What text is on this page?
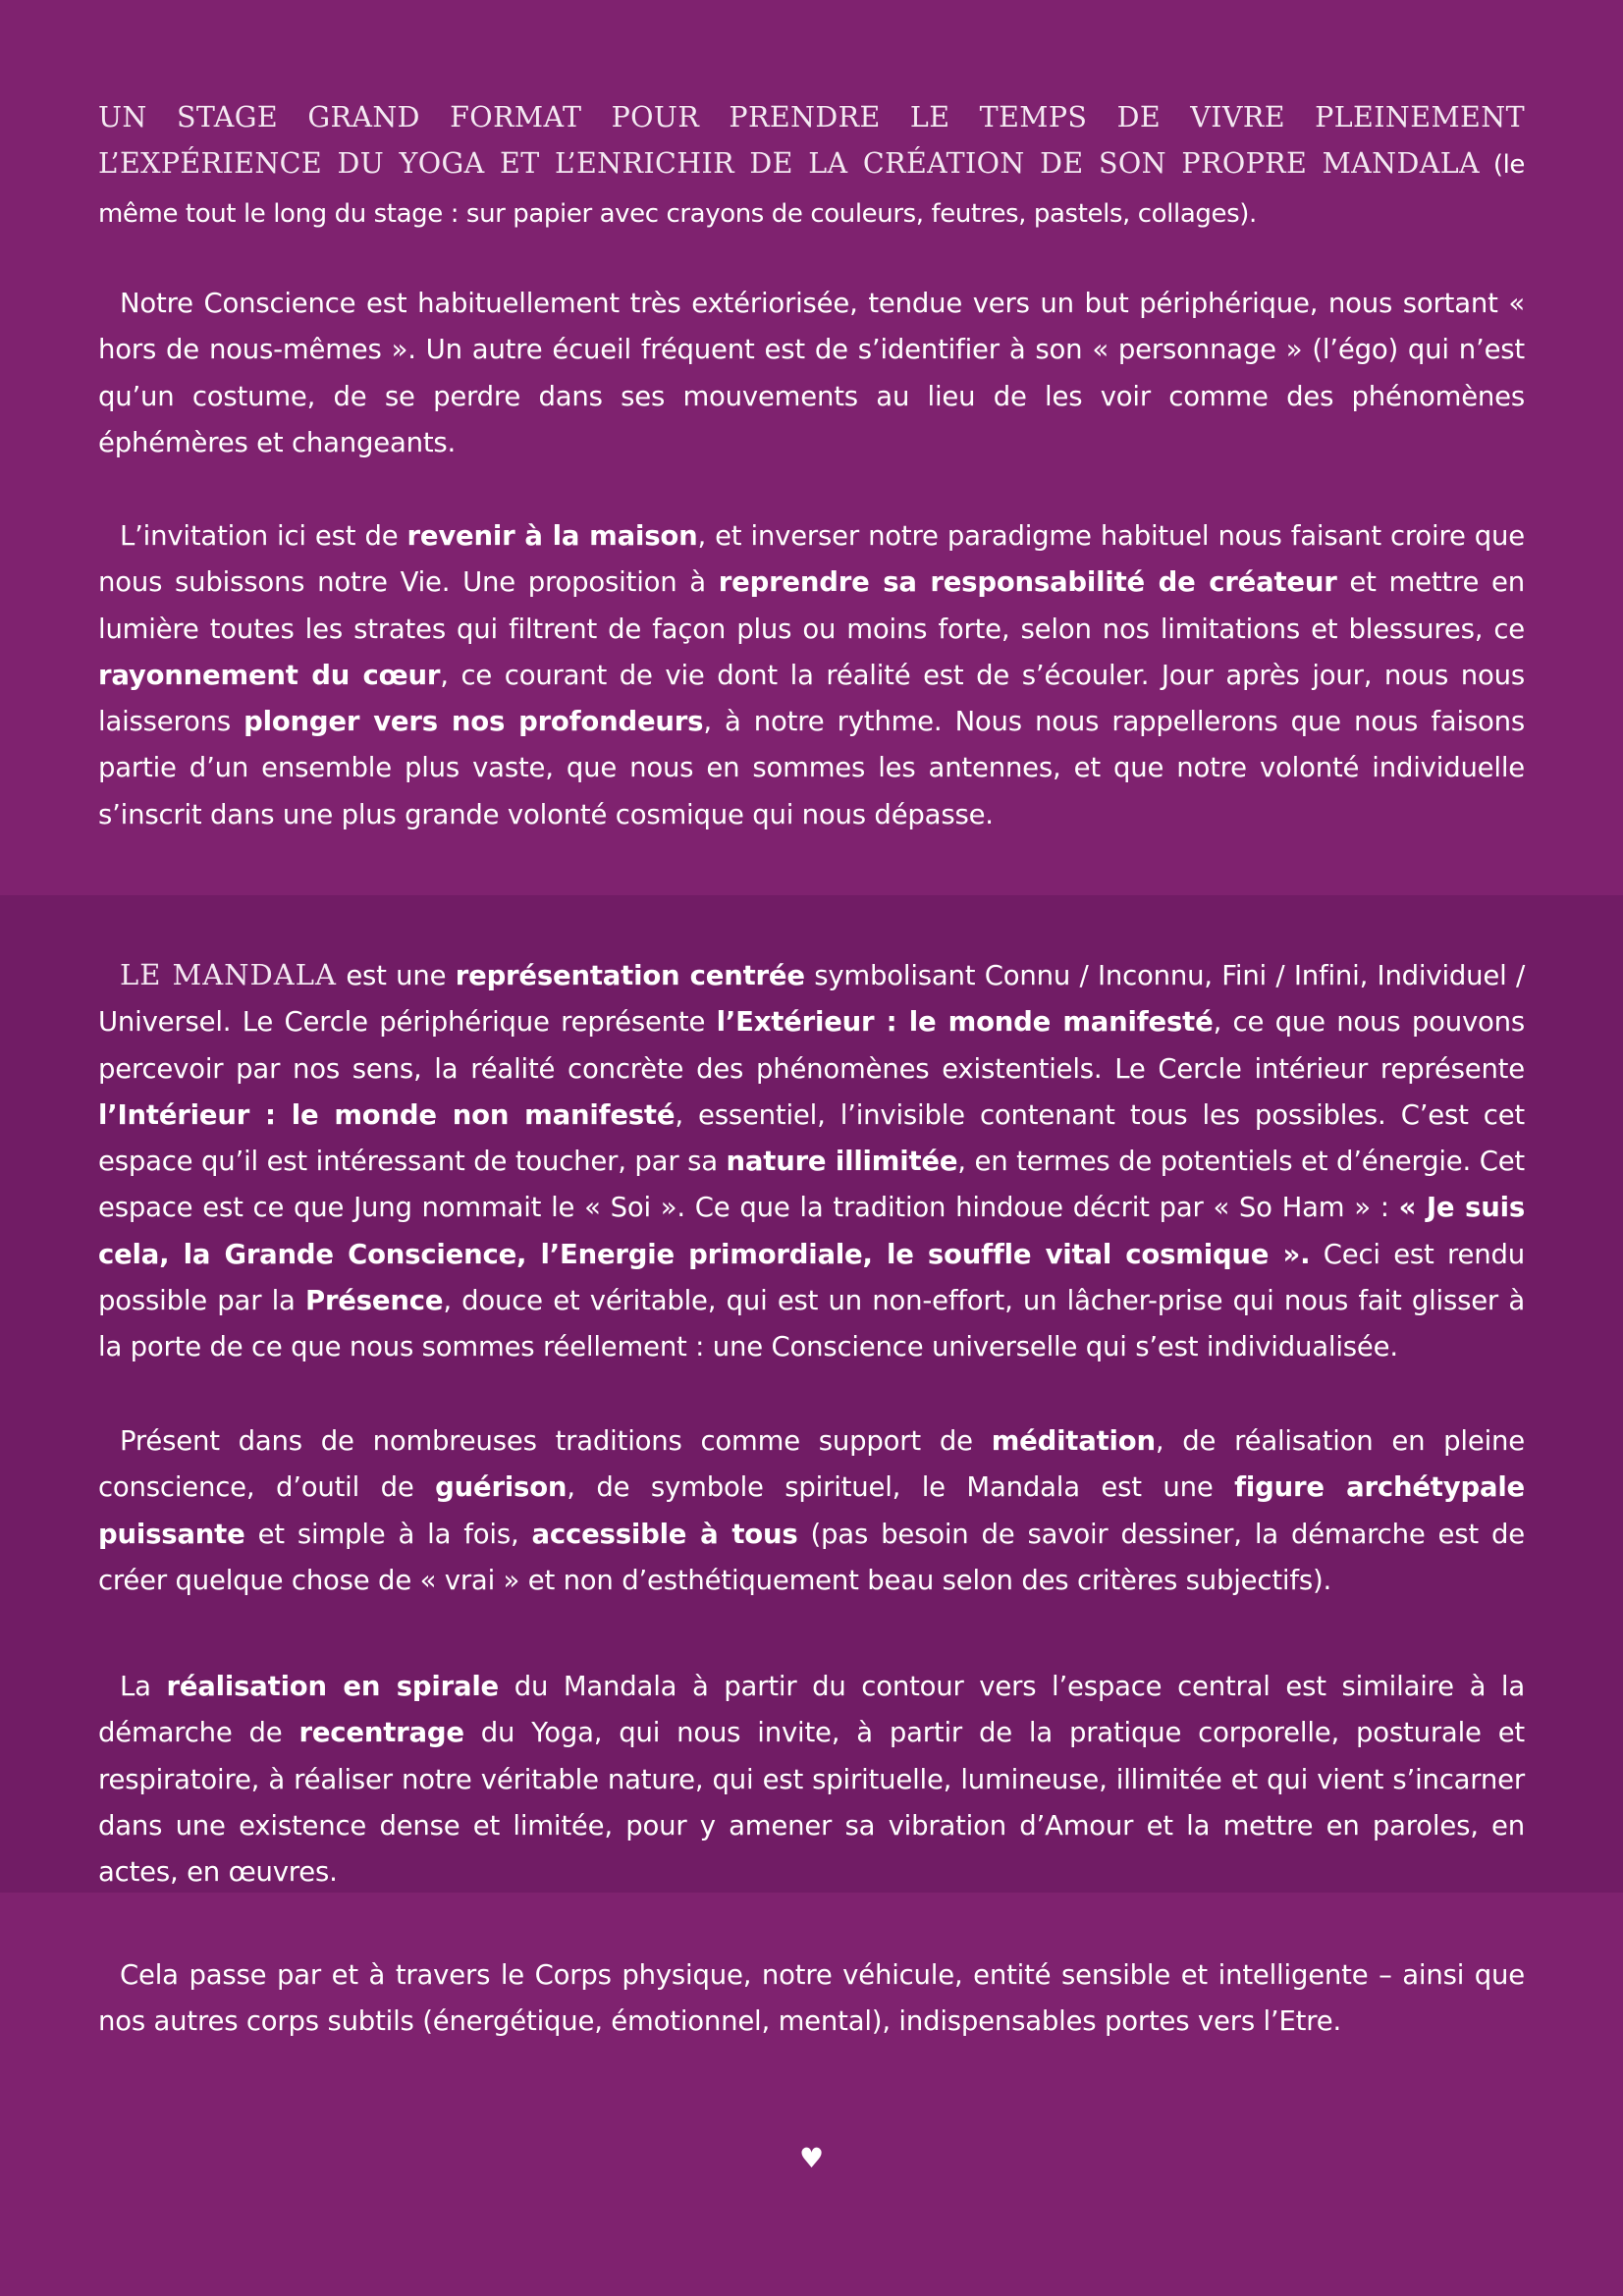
UN STAGE GRAND FORMAT POUR PRENDRE LE TEMPS DE VIVRE PLEINEMENT L’EXPÉRIENCE DU YOGA ET L’ENRICHIR DE LA CRÉATION DE SON PROPRE MANDALA (le même tout le long du stage : sur papier avec crayons de couleurs, feutres, pastels, collages).

Notre Conscience est habituellement très extériorisée, tendue vers un but périphérique, nous sortant « hors de nous-mêmes ». Un autre écueil fréquent est de s’identifier à son « personnage » (l’égo) qui n’est qu’un costume, de se perdre dans ses mouvements au lieu de les voir comme des phénomènes éphémères et changeants.

L’invitation ici est de revenir à la maison, et inverser notre paradigme habituel nous faisant croire que nous subissons notre Vie. Une proposition à reprendre sa responsabilité de créateur et mettre en lumière toutes les strates qui filtrent de façon plus ou moins forte, selon nos limitations et blessures, ce rayonnement du cœur, ce courant de vie dont la réalité est de s’écouler. Jour après jour, nous nous laisserons plonger vers nos profondeurs, à notre rythme. Nous nous rappellerons que nous faisons partie d’un ensemble plus vaste, que nous en sommes les antennes, et que notre volonté individuelle s’inscrit dans une plus grande volonté cosmique qui nous dépasse.

LE MANDALA est une représentation centrée symbolisant Connu / Inconnu, Fini / Infini, Individuel / Universel. Le Cercle périphérique représente l’Extérieur : le monde manifesté, ce que nous pouvons percevoir par nos sens, la réalité concrète des phénomènes existentiels. Le Cercle intérieur représente l’Intérieur : le monde non manifesté, essentiel, l’invisible contenant tous les possibles. C’est cet espace qu’il est intéressant de toucher, par sa nature illimitée, en termes de potentiels et d’énergie. Cet espace est ce que Jung nommait le « Soi ». Ce que la tradition hindoue décrit par « So Ham » : « Je suis cela, la Grande Conscience, l’Energie primordiale, le souffle vital cosmique ». Ceci est rendu possible par la Présence, douce et véritable, qui est un non-effort, un lâcher-prise qui nous fait glisser à la porte de ce que nous sommes réellement : une Conscience universelle qui s’est individualisée.

Présent dans de nombreuses traditions comme support de méditation, de réalisation en pleine conscience, d’outil de guérison, de symbole spirituel, le Mandala est une figure archétypale puissante et simple à la fois, accessible à tous (pas besoin de savoir dessiner, la démarche est de créer quelque chose de « vrai » et non d’esthétiquement beau selon des critères subjectifs).

La réalisation en spirale du Mandala à partir du contour vers l’espace central est similaire à la démarche de recentrage du Yoga, qui nous invite, à partir de la pratique corporelle, posturale et respiratoire, à réaliser notre véritable nature, qui est spirituelle, lumineuse, illimitée et qui vient s’incarner dans une existence dense et limitée, pour y amener sa vibration d’Amour et la mettre en paroles, en actes, en œuvres.

Cela passe par et à travers le Corps physique, notre véhicule, entité sensible et intelligente – ainsi que nos autres corps subtils (énergétique, émotionnel, mental), indispensables portes vers l’Etre.

♥
